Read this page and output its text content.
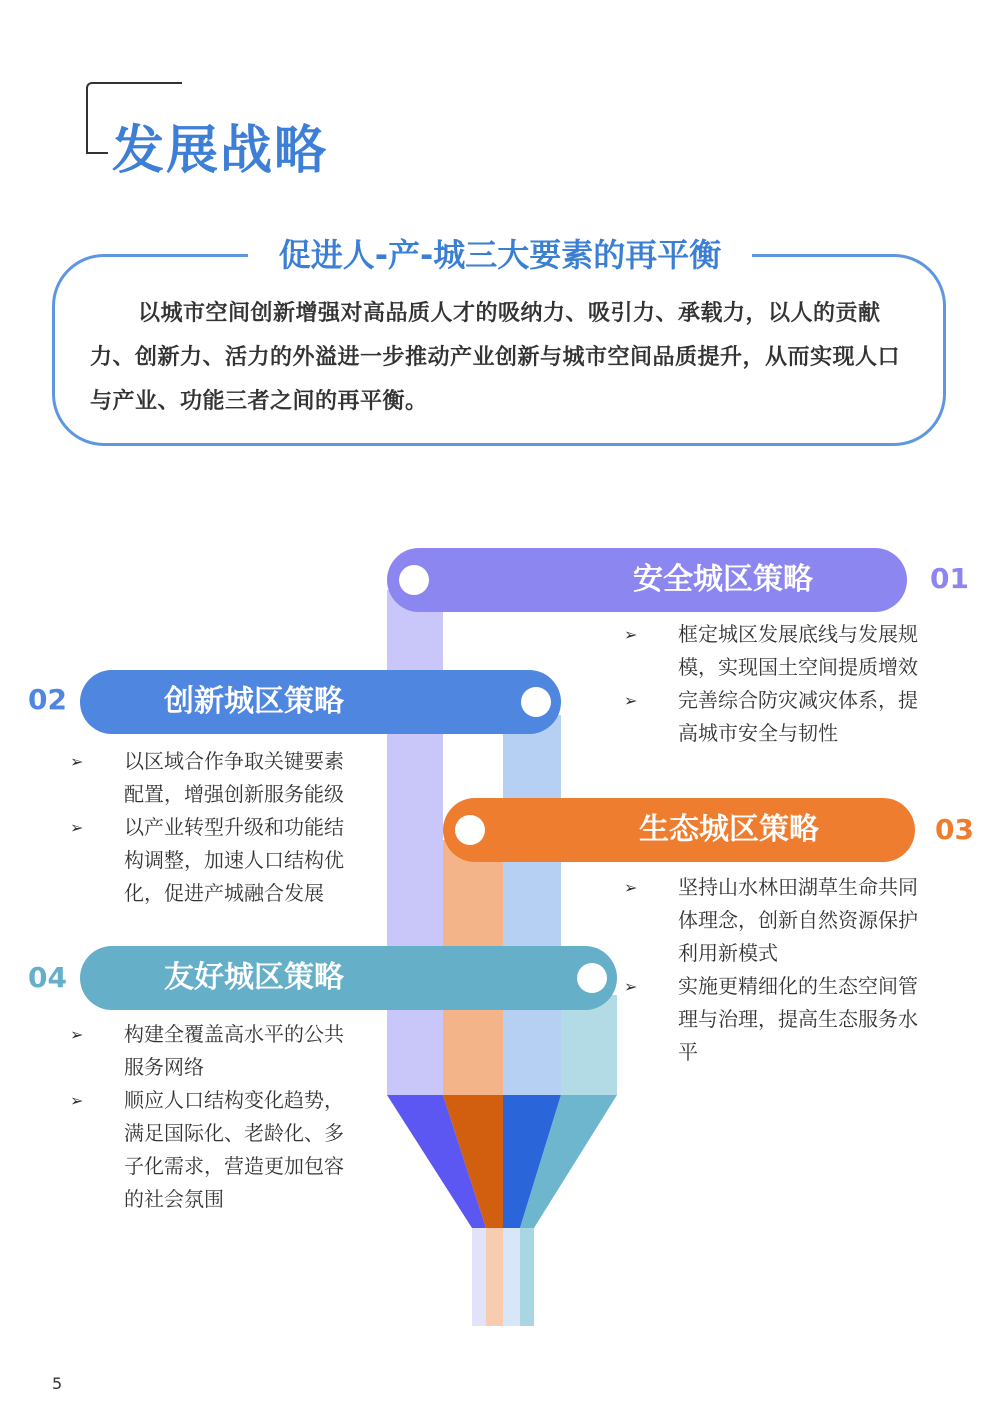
发展战略
促进人-产-城三大要素的再平衡
以城市空间创新增强对高品质人才的吸纳力、吸引力、承载力，以人的贡献力、创新力、活力的外溢进一步推动产业创新与城市空间品质提升，从而实现人口与产业、功能三者之间的再平衡。
安全城区策略	01
创新城区策略
02
生态城区策略	03
友好城区策略
04
➢	框定城区发展底线与发展规模，实现国土空间提质增效
➢	完善综合防灾减灾体系，提高城市安全与韧性
➢	以区域合作争取关键要素配置，增强创新服务能级
➢	以产业转型升级和功能结构调整，加速人口结构优化，促进产城融合发展	➢	坚持山水林田湖草生命共同体理念，创新自然资源保护利用新模式
➢	实施更精细化的生态空间管理与治理，提高生态服务水平
➢	构建全覆盖高水平的公共服务网络
➢	顺应人口结构变化趋势，满足国际化、老龄化、多子化需求，营造更加包容的社会氛围
5
